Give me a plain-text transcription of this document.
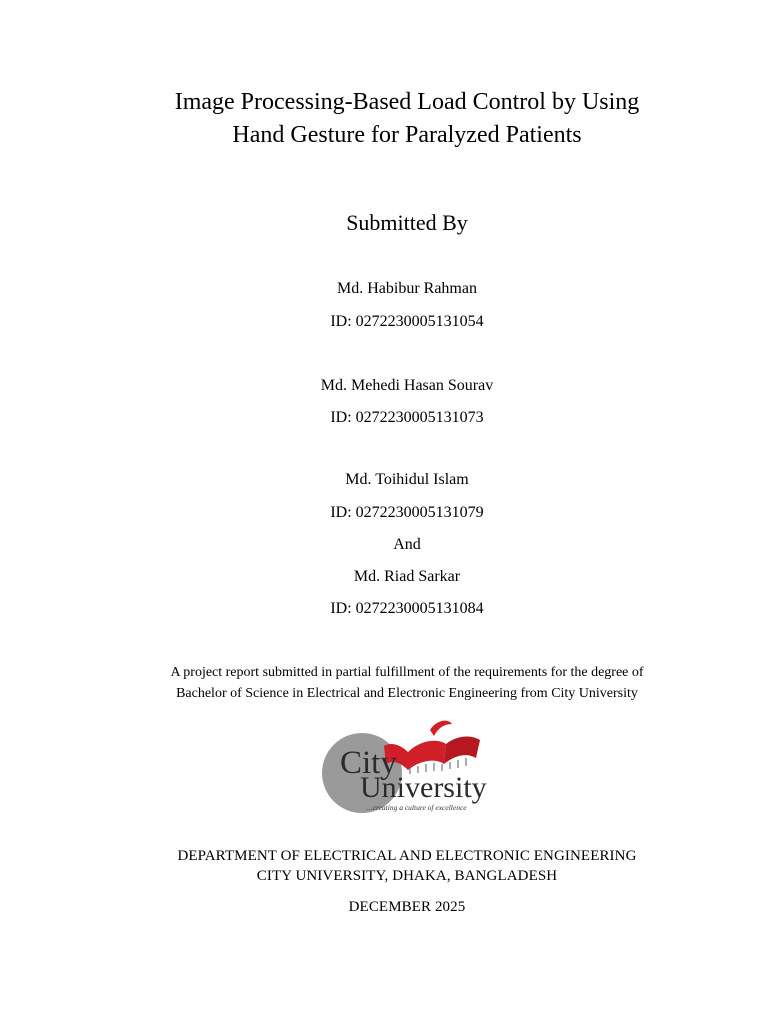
Image Processing-Based Load Control by Using
Hand Gesture for Paralyzed Patients
Submitted By
Md. Habibur Rahman
ID: 0272230005131054
Md. Mehedi Hasan Sourav
ID: 0272230005131073
Md. Toihidul Islam
ID: 0272230005131079
And
Md. Riad Sarkar
ID: 0272230005131084
A project report submitted in partial fulfillment of the requirements for the degree of
Bachelor of Science in Electrical and Electronic Engineering from City University
City
University
...creating a culture of excellence
DEPARTMENT OF ELECTRICAL AND ELECTRONIC ENGINEERING
CITY UNIVERSITY, DHAKA, BANGLADESH
DECEMBER 2025
